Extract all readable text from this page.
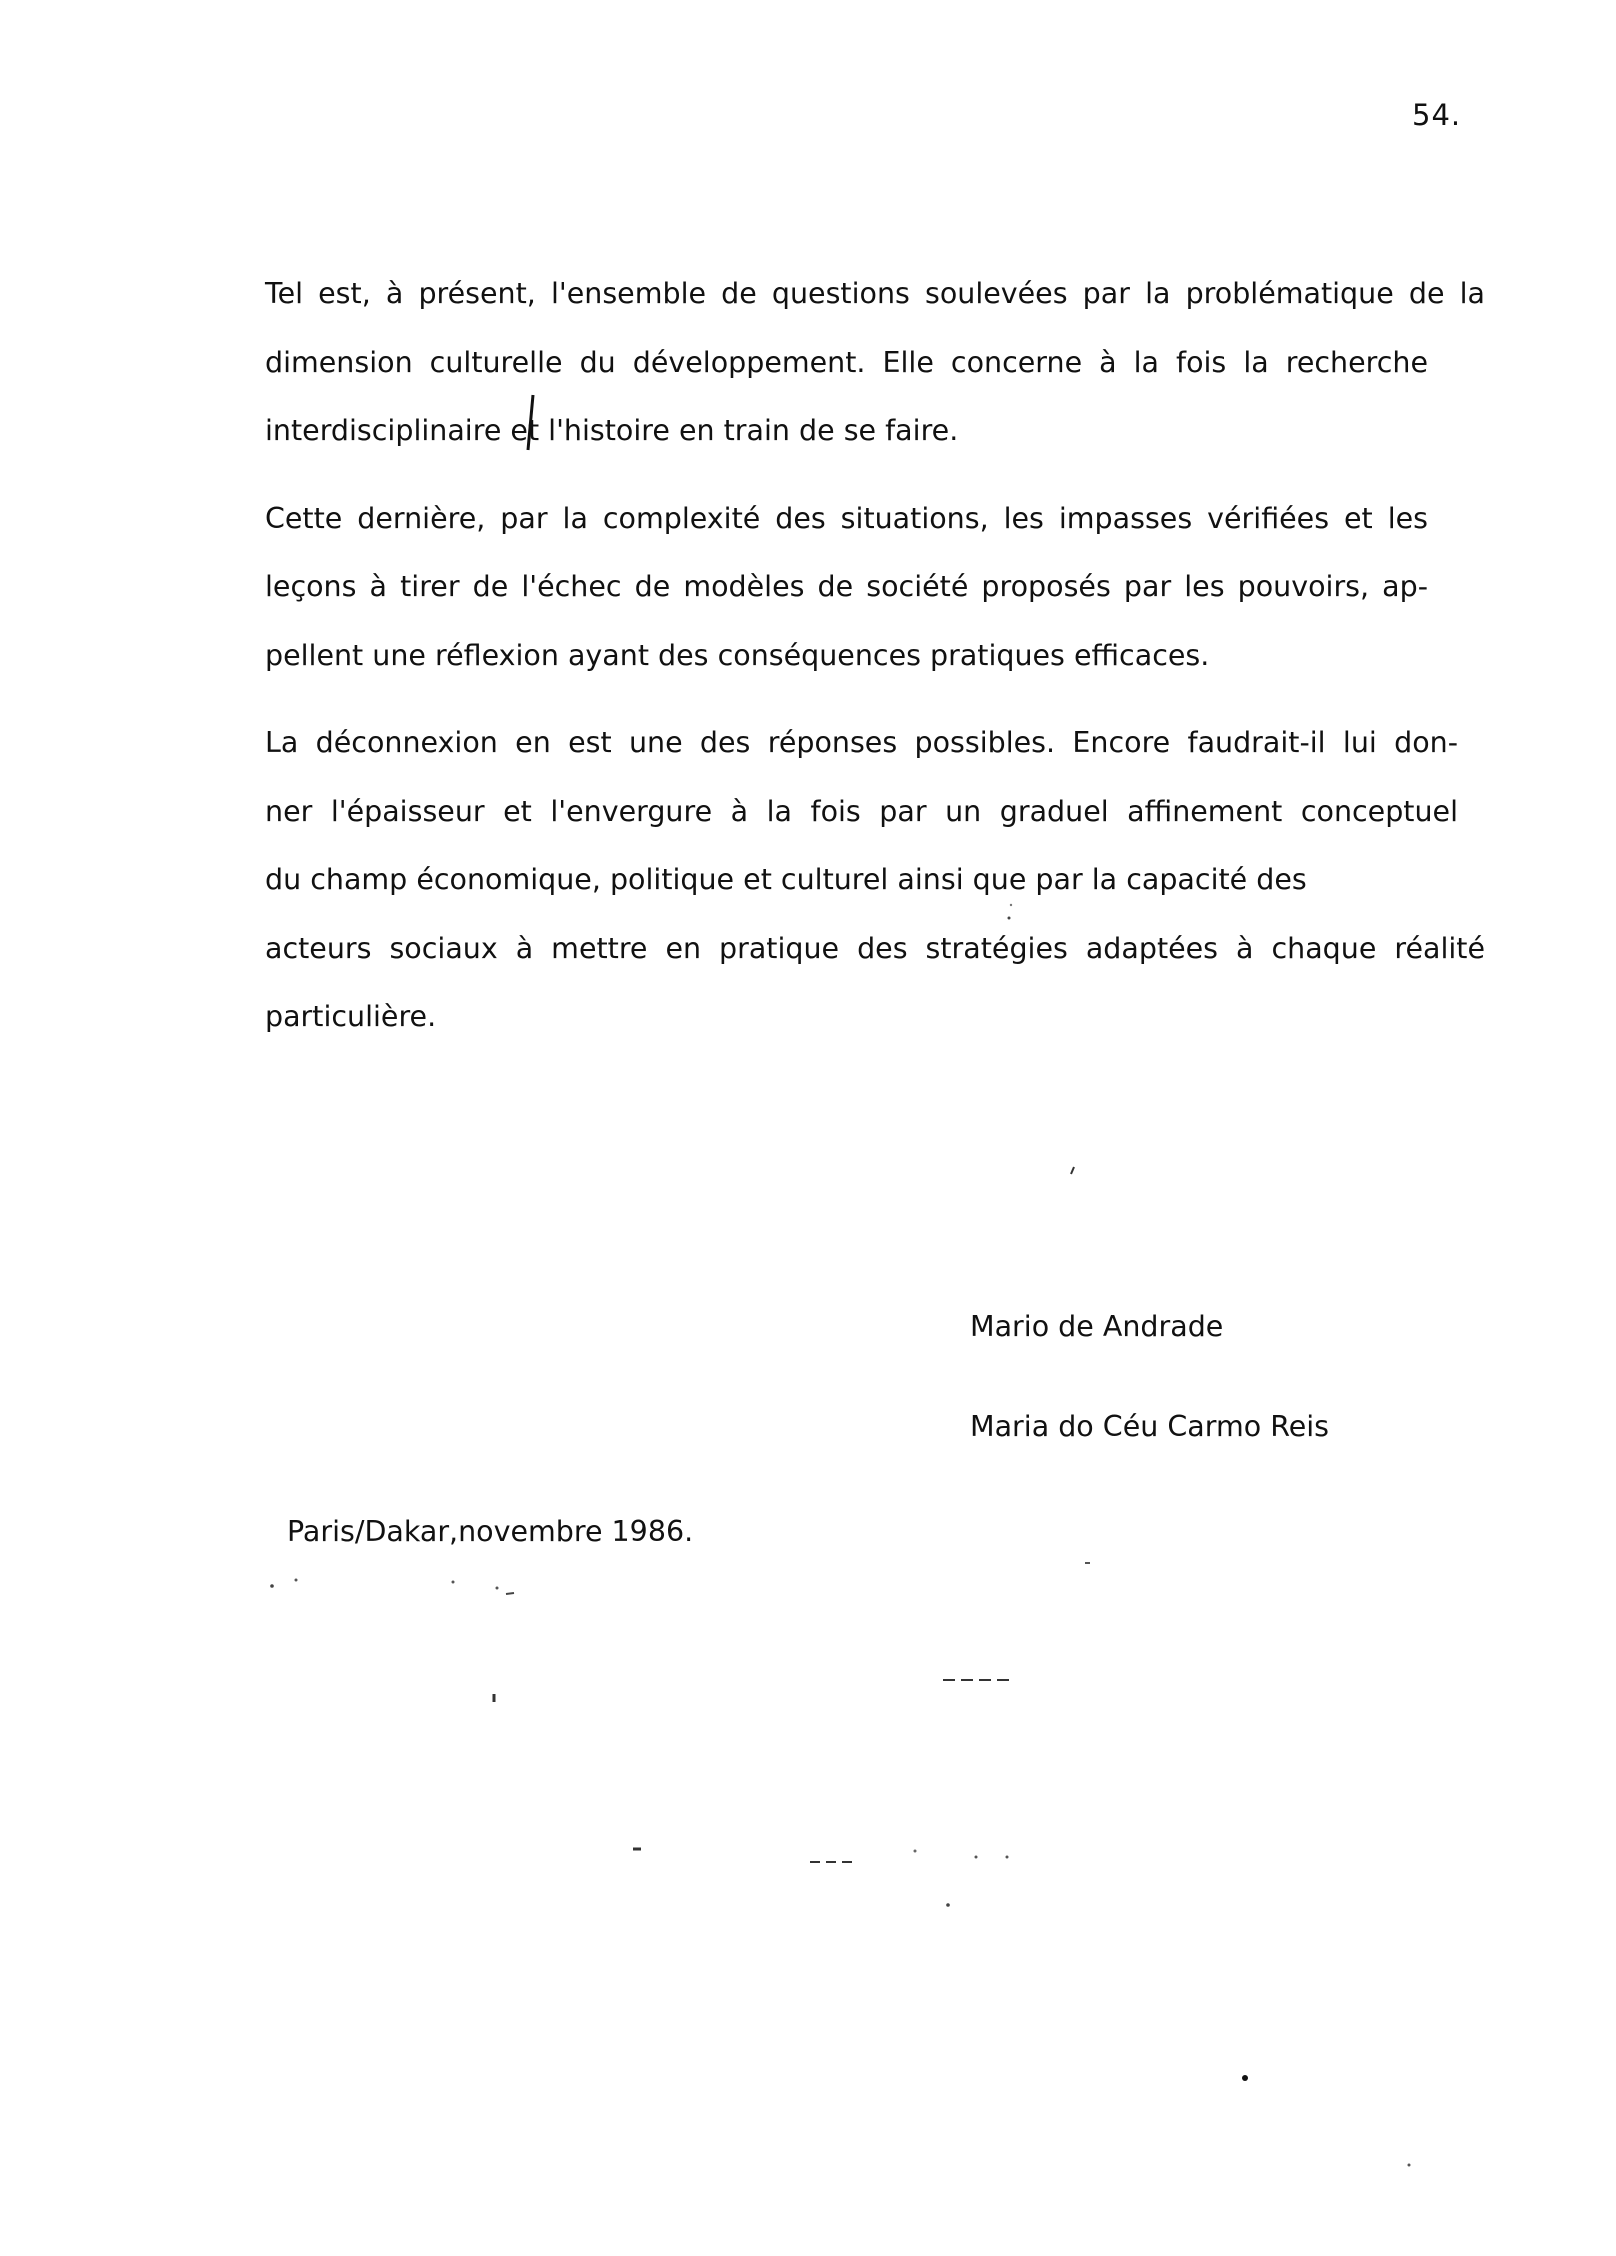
54.
Tel est, à présent, l'ensemble de questions soulevées par la problématique de la
dimension culturelle du développement. Elle concerne à la fois la recherche
interdisciplinaire et l'histoire en train de se faire.
Cette dernière, par la complexité des situations, les impasses vérifiées et les
leçons à tirer de l'échec de modèles de société proposés par les pouvoirs, ap-
pellent une réflexion ayant des conséquences pratiques efficaces.
La déconnexion en est une des réponses possibles. Encore faudrait-il lui don-
ner l'épaisseur et l'envergure à la fois par un graduel affinement conceptuel
du champ économique, politique et culturel ainsi que par la capacité des
acteurs sociaux à mettre en pratique des stratégies adaptées à chaque réalité
particulière.
Mario de Andrade
Maria do Céu Carmo Reis
Paris/Dakar,novembre 1986.
